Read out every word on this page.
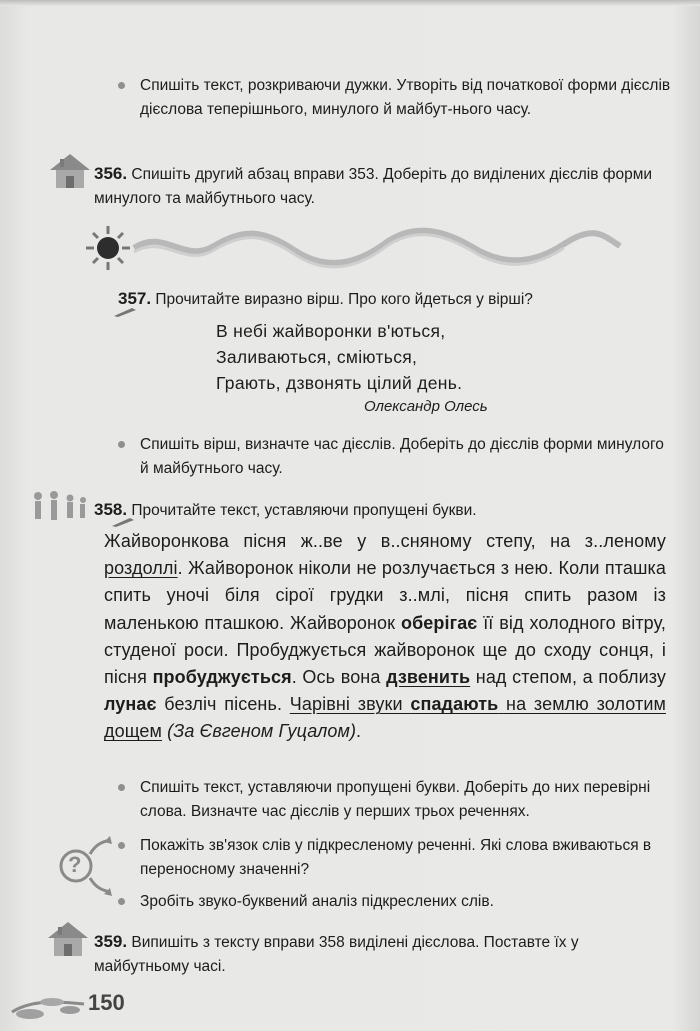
Спишіть текст, розкриваючи дужки. Утворіть від початкової форми дієслів дієслова теперішнього, минулого й майбут-нього часу.
356. Спишіть другий абзац вправи 353. Доберіть до виділених дієслів форми минулого та майбутнього часу.
357. Прочитайте виразно вірш. Про кого йдеться у вірші?
В небі жайворонки в'ються,
Заливаються, сміються,
Грають, дзвонять цілий день.
Олександр Олесь
Спишіть вірш, визначте час дієслів. Доберіть до дієслів форми минулого й майбутнього часу.
358. Прочитайте текст, уставляючи пропущені букви.
Жайворонкова пісня ж..ве у в..сняному степу, на з..леному роздоллі. Жайворонок ніколи не розлучається з нею. Коли пташка спить уночі біля сірої грудки з..млі, пісня спить разом із маленькою пташкою. Жайворонок оберігає її від холодного вітру, студеної роси. Пробуджується жайворонок ще до сходу сонця, і пісня пробуджується. Ось вона дзвенить над степом, а поблизу лунає безліч пісень. Чарівні звуки спадають на землю золотим дощем (За Євгеном Гуцалом).
Спишіть текст, уставляючи пропущені букви. Доберіть до них перевірні слова. Визначте час дієслів у перших трьох реченнях.
?
Покажіть зв'язок слів у підкресленому реченні. Які слова вживаються в переносному значенні?
Зробіть звуко-буквений аналіз підкреслених слів.
359. Випишіть з тексту вправи 358 виділені дієслова. Поставте їх у майбутньому часі.
150
